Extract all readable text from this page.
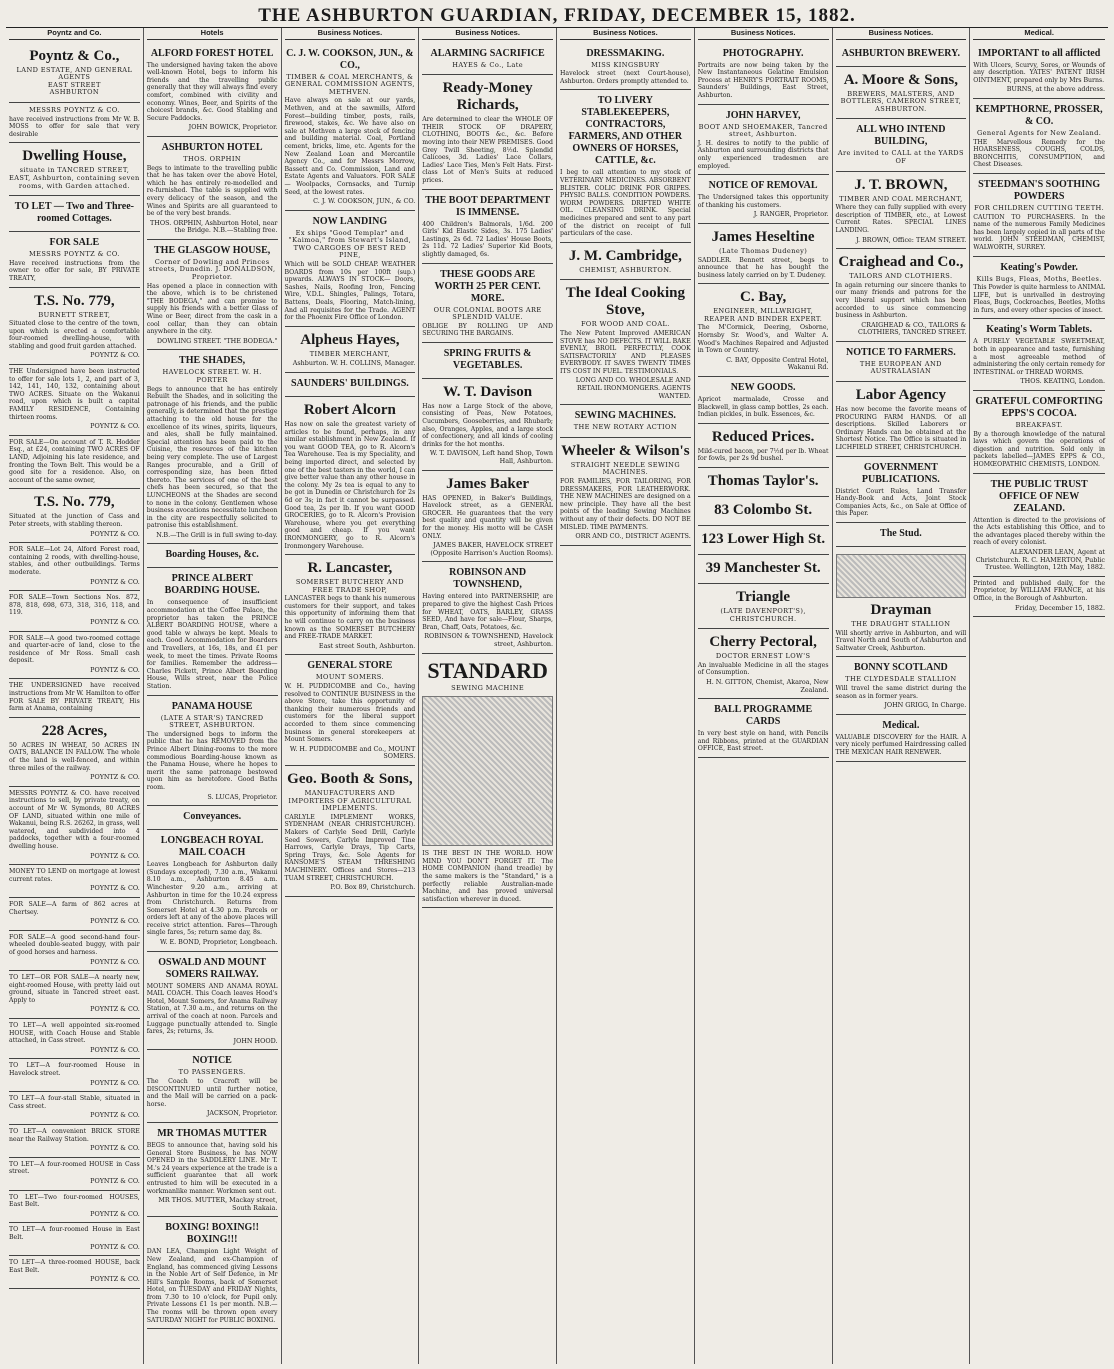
THE ASHBURTON GUARDIAN, FRIDAY, DECEMBER 15, 1882.
Poyntz and Co.
Poyntz & Co.,
LAND ESTATE, AND GENERAL AGENTS
EAST STREET
ASHBURTON
MESSRS POYNTZ & CO.
have received instructions from Mr W. B. MOSS to offer for sale that very desirable
Dwelling House,
situate in TANCRED STREET, EAST, Ashburton, containing seven rooms, with Garden attached.
TO LET — Two and Three-roomed Cottages.
FOR SALE
MESSRS POYNTZ & CO.
Have received instructions from the owner to offer for sale, BY PRIVATE TREATY,
T.S. No. 779,
BURNETT STREET,
Situated close to the centre of the town, upon which is erected a comfortable four-roomed dwelling-house, with stabling and good fruit garden attached.
POYNTZ & CO.
THE Undersigned have been instructed to offer for sale lots 1, 2, and part of 3, 142, 141, 140, 132, containing about TWO ACRES. Situate on the Wakanui road, upon which is built a capital FAMILY RESIDENCE, Containing thirteen rooms.
POYNTZ & CO.
FOR SALE—On account of T. R. Hodder Esq., at £24, containing TWO ACRES OF LAND, Adjoining his late residence, and fronting the Town Belt. This would be a good site for a residence. Also, on account of the same owner,
T.S. No. 779,
Situated at the junction of Cass and Peter streets, with stabling thereon.
POYNTZ & CO.
FOR SALE—Lot 24, Alford Forest road, containing 2 roods, with dwelling-house, stables, and other outbuildings. Terms moderate.
POYNTZ & CO.
FOR SALE—Town Sections Nos. 872, 878, 818, 698, 673, 318, 316, 118, and 119.
POYNTZ & CO.
FOR SALE—A good two-roomed cottage and quarter-acre of land, close to the residence of Mr Ross. Small cash deposit.
POYNTZ & CO.
THE UNDERSIGNED have received instructions from Mr W. Hamilton to offer FOR SALE BY PRIVATE TREATY, His farm at Anama, containing
228 Acres,
50 ACRES IN WHEAT, 50 ACRES IN OATS, BALANCE IN FALLOW. The whole of the land is well-fenced, and within three miles of the railway.
POYNTZ & CO.
MESSRS POYNTZ & CO. have received instructions to sell, by private treaty, on account of Mr W. Symonds, 80 ACRES OF LAND, situated within one mile of Wakanui, being R.S. 26262, in grass, well watered, and subdivided into 4 paddocks, together with a four-roomed dwelling house.
POYNTZ & CO.
MONEY TO LEND on mortgage at lowest current rates.
POYNTZ & CO.
FOR SALE—A farm of 862 acres at Chertsey.
POYNTZ & CO.
FOR SALE—A good second-hand four-wheeled double-seated buggy, with pair of good horses and harness.
POYNTZ & CO.
TO LET—OR FOR SALE—A nearly new, eight-roomed House, with pretty laid out ground, situate in Tancred street east. Apply to
POYNTZ & CO.
TO LET—A well appointed six-roomed HOUSE, with Coach House and Stable attached, in Cass street.
POYNTZ & CO.
TO LET—A four-roomed House in Havelock street.
POYNTZ & CO.
TO LET—A four-stall Stable, situated in Cass street.
POYNTZ & CO.
TO LET—A convenient BRICK STORE near the Railway Station.
POYNTZ & CO.
TO LET—A four-roomed HOUSE in Cass street.
POYNTZ & CO.
TO LET—Two four-roomed HOUSES, East Belt.
POYNTZ & CO.
TO LET—A four-roomed House in East Belt.
POYNTZ & CO.
TO LET—A three-roomed HOUSE, back East Belt.
POYNTZ & CO.
Hotels
ALFORD FOREST HOTEL
The undersigned having taken the above well-known Hotel, begs to inform his friends and the travelling public generally that they will always find every comfort, combined with civility and economy. Wines, Beer, and Spirits of the choicest brands, &c. Good Stabling and Secure Paddocks.
JOHN BOWICK, Proprietor.
ASHBURTON HOTEL
THOS. ORPHIN
Begs to intimate to the travelling public that he has taken over the above Hotel, which he has entirely re-modelled and re-furnished. The table is supplied with every delicacy of the season, and the Wines and Spirits are all guaranteed to be of the very best brands.
THOS. ORPHIN, Ashburton Hotel, near the Bridge. N.B.—Stabling free.
THE GLASGOW HOUSE,
Corner of Dowling and Princes streets, Dunedin. J. DONALDSON, Proprietor.
Has opened a place in connection with the above, which is to be christened "THE BODEGA," and can promise to supply his friends with a better Glass of Wine or Beer, direct from the cask in a cool cellar, than they can obtain anywhere in the city.
DOWLING STREET. "THE BODEGA."
THE SHADES,
HAVELOCK STREET. W. H. PORTER
Begs to announce that he has entirely Rebuilt the Shades, and in soliciting the patronage of his friends, and the public generally, is determined that the prestige attaching to the old house for the excellence of its wines, spirits, liqueurs, and ales, shall be fully maintained. Special attention has been paid to the Cuisine, the resources of the kitchen being very complete. The use of Largest Ranges procurable, and a Grill of corresponding size, has been fitted thereto. The services of one of the best chefs has been secured, so that the LUNCHEONS at the Shades are second to none in the colony. Gentlemen whose business avocations necessitate luncheon in the city are respectfully solicited to patronise this establishment.
N.B.—The Grill is in full swing to-day.
Boarding Houses, &c.
PRINCE ALBERT BOARDING HOUSE.
In consequence of insufficient accommodation at the Coffee Palace, the proprietor has taken the PRINCE ALBERT BOARDING HOUSE, where a good table w always be kept. Meals to each. Good Accommodation for Boarders and Travellers, at 16s, 18s, and £1 per week, to meet the times. Private Rooms for families. Remember the address—Charles Pickett, Prince Albert Boarding House, Wills street, near the Police Station.
PANAMA HOUSE
(LATE A STAR'S) TANCRED STREET, ASHBURTON.
The undersigned begs to inform the public that he has REMOVED from the Prince Albert Dining-rooms to the more commodious Boarding-house known as the Panama House, where he hopes to merit the same patronage bestowed upon him as heretofore. Good Baths room.
S. LUCAS, Proprietor.
Conveyances.
LONGBEACH ROYAL MAIL COACH
Leaves Longbeach for Ashburton daily (Sundays excepted), 7.30 a.m., Wakanui 8.10 a.m., Ashburton 8.45 a.m. Winchester 9.20 a.m., arriving at Ashburton in time for the 10.24 express from Christchurch. Returns from Somerset Hotel at 4.30 p.m. Parcels or orders left at any of the above places will receive strict attention. Fares—Through single fares, 5s; return same day, 8s.
W. E. BOND, Proprietor, Longbeach.
OSWALD AND MOUNT SOMERS RAILWAY.
MOUNT SOMERS AND ANAMA ROYAL MAIL COACH. This Coach leaves Hood's Hotel, Mount Somers, for Anama Railway Station, at 7.30 a.m., and returns on the arrival of the coach at noon. Parcels and Luggage punctually attended to. Single fares, 2s; returns, 3s.
JOHN HOOD.
NOTICE
TO PASSENGERS.
The Coach to Cracroft will be DISCONTINUED until further notice, and the Mail will be carried on a pack-horse.
JACKSON, Proprietor.
MR THOMAS MUTTER
BEGS to announce that, having sold his General Store Business, he has NOW OPENED in the SADDLERY LINE. Mr T. M.'s 24 years experience at the trade is a sufficient guarantee that all work entrusted to him will be executed in a workmanlike manner. Workmen sent out.
MR THOS. MUTTER, Mackay street, South Rakaia.
BOXING! BOXING!! BOXING!!!
DAN LEA, Champion Light Weight of New Zealand, and ex-Champion of England, has commenced giving Lessons in the Noble Art of Self Defence, in Mr Hill's Sample Rooms, back of Somerset Hotel, on TUESDAY and FRIDAY Nights, from 7.30 to 10 o'clock, for Pupil only. Private Lessons £1 1s per month. N.B.—The rooms will be thrown open every SATURDAY NIGHT for PUBLIC BOXING.
Business Notices.
C. J. W. COOKSON, JUN., & CO.,
TIMBER & COAL MERCHANTS, & GENERAL COMMISSION AGENTS, METHVEN.
Have always on sale at our yards, Methven, and at the sawmills, Alford Forest—building timber, posts, rails, firewood, stakes, &c. We have also on sale at Methven a large stock of fencing and building material. Coal, Portland cement, bricks, lime, etc. Agents for the New Zealand Loan and Mercantile Agency Co., and for Messrs Morrow, Bassett and Co. Commission, Land and Estate Agents and Valuators. FOR SALE — Woolpacks, Cornsacks, and Turnip Seed, at the lowest rates.
C. J. W. COOKSON, JUN., & CO.
NOW LANDING
Ex ships "Good Templar" and "Kaimoa," from Stewart's Island, TWO CARGOES OF BEST RED PINE,
Which will be SOLD CHEAP. WEATHER BOARDS from 10s per 100ft (sup.) upwards. ALWAYS IN STOCK— Doors, Sashes, Nails, Roofing Iron, Fencing Wire, V.D.L. Shingles, Palings, Totara, Battens, Deals, Flooring, Match-lining, And all requisites for the Trade. AGENT for the Phoenix Fire Office of London.
Alpheus Hayes,
TIMBER MERCHANT,
Ashburton. W. H. COLLINS, Manager.
SAUNDERS' BUILDINGS.
Robert Alcorn
Has now on sale the greatest variety of articles to be found, perhaps, in any similar establishment in New Zealand. If you want GOOD TEA, go to R. Alcorn's Tea Warehouse. Tea is my Speciality, and being imported direct, and selected by one of the best tasters in the world, I can give better value than any other house in the colony. My 2s tea is equal to any to be got in Dunedin or Christchurch for 2s 6d or 3s; in fact it cannot be surpassed. Good tea, 2s per lb. If you want GOOD GROCERIES, go to R. Alcorn's Provision Warehouse, where you get everything good and cheap. If you want IRONMONGERY, go to R. Alcorn's Ironmongery Warehouse.
R. Lancaster,
SOMERSET BUTCHERY AND FREE TRADE SHOP,
LANCASTER begs to thank his numerous customers for their support, and takes this opportunity of informing them that he will continue to carry on the business known as the SOMERSET BUTCHERY and FREE-TRADE MARKET.
East street South, Ashburton.
GENERAL STORE
MOUNT SOMERS.
W. H. PUDDICOMBE and Co., having resolved to CONTINUE BUSINESS in the above Store, take this opportunity of thanking their numerous friends and customers for the liberal support accorded to them since commencing business in general storekeepers at Mount Somers.
W. H. PUDDICOMBE and Co., MOUNT SOMERS.
Geo. Booth & Sons,
MANUFACTURERS AND IMPORTERS OF AGRICULTURAL IMPLEMENTS.
CARLYLE IMPLEMENT WORKS, SYDENHAM (NEAR CHRISTCHURCH). Makers of Carlyle Seed Drill, Carlyle Seed Sowers, Carlyle Improved Tine Harrows, Carlyle Drays, Tip Carts, Spring Trays, &c. Sole Agents for RANSOME'S STEAM THRESHING MACHINERY. Offices and Stores—213 TUAM STREET, CHRISTCHURCH.
P.O. Box 89, Christchurch.
Business Notices.
ALARMING SACRIFICE
HAYES & Co., Late
Ready-Money Richards,
Are determined to clear the WHOLE OF THEIR STOCK OF DRAPERY, CLOTHING, BOOTS &c., &c. Before moving into their NEW PREMISES. Good Grey Twill Sheeting, 8½d. Splendid Calicoes, 3d. Ladies' Lace Collars, Ladies' Lace Ties, Men's Felt Hats. First-class Lot of Men's Suits at reduced prices.
THE BOOT DEPARTMENT IS IMMENSE.
400 Children's Balmorals, 1/6d. 200 Girls' Kid Elastic Sides, 3s. 175 Ladies' Lastings, 2s 6d. 72 Ladies' House Boots, 2s 11d. 72 Ladies' Superior Kid Boots, slightly damaged, 6s.
THESE GOODS ARE WORTH 25 PER CENT. MORE.
OUR COLONIAL BOOTS ARE SPLENDID VALUE.
OBLIGE BY ROLLING UP AND SECURING THE BARGAINS.
SPRING FRUITS & VEGETABLES.
W. T. Davison
Has now a Large Stock of the above, consisting of Peas, New Potatoes, Cucumbers, Gooseberries, and Rhubarb; also, Oranges, Apples, and a large stock of confectionery, and all kinds of cooling drinks for the hot months.
W. T. DAVISON, Left hand Shop, Town Hall, Ashburton.
James Baker
HAS OPENED, in Baker's Buildings, Havelock street, as a GENERAL GROCER. He guarantees that the very best quality and quantity will be given for the money. His motto will be CASH ONLY.
JAMES BAKER, HAVELOCK STREET (Opposite Harrison's Auction Rooms).
ROBINSON AND TOWNSHEND,
Having entered into PARTNERSHIP, are prepared to give the highest Cash Prices for WHEAT, OATS, BARLEY, GRASS SEED, And have for sale—Flour, Sharps, Bran, Chaff, Oats, Potatoes, &c.
ROBINSON & TOWNSHEND, Havelock street, Ashburton.
STANDARD
SEWING MACHINE
IS THE BEST IN THE WORLD. HOW MIND YOU DON'T FORGET IT. The HOME COMPANION (hand treadle) by the same makers is the "Standard," is a perfectly reliable Australian-made Machine, and has proved universal satisfaction wherever in duced.
Business Notices.
DRESSMAKING.
MISS KINGSBURY
Havelock street (next Court-house), Ashburton. Orders promptly attended to.
TO LIVERY STABLEKEEPERS, CONTRACTORS, FARMERS, AND OTHER OWNERS OF HORSES, CATTLE, &c.
I beg to call attention to my stock of VETERINARY MEDICINES. ABSORBENT BLISTER. COLIC DRINK FOR GRIPES. PHYSIC BALLS. CONDITION POWDERS. WORM POWDERS. DRIFTED WHITE OIL. CLEANSING DRINK. Special medicines prepared and sent to any part of the district on receipt of full particulars of the case.
J. M. Cambridge,
CHEMIST, ASHBURTON.
The Ideal Cooking Stove,
FOR WOOD AND COAL.
The New Patent Improved AMERICAN STOVE has NO DEFECTS. IT WILL BAKE EVENLY, BROIL PERFECTLY, COOK SATISFACTORILY AND PLEASES EVERYBODY. IT SAVES TWENTY TIMES ITS COST IN FUEL. TESTIMONIALS.
LONG AND CO. WHOLESALE AND RETAIL IRONMONGERS. AGENTS WANTED.
SEWING MACHINES.
THE NEW ROTARY ACTION
Wheeler & Wilson's
STRAIGHT NEEDLE SEWING MACHINES.
FOR FAMILIES, FOR TAILORING, FOR DRESSMAKERS, FOR LEATHERWORK. THE NEW MACHINES are designed on a new principle. They have all the best points of the leading Sewing Machines without any of their defects. DO NOT BE MISLED. TIME PAYMENTS.
ORR AND CO., DISTRICT AGENTS.
Business Notices.
PHOTOGRAPHY.
Portraits are now being taken by the New Instantaneous Gelatine Emulsion Process at HENRY'S PORTRAIT ROOMS, Saunders' Buildings, East Street, Ashburton.
JOHN HARVEY,
BOOT AND SHOEMAKER, Tancred street, Ashburton.
J. H. desires to notify to the public of Ashburton and surrounding districts that only experienced tradesmen are employed.
NOTICE OF REMOVAL
The Undersigned takes this opportunity of thanking his customers.
J. RANGER, Proprietor.
James Heseltine
(Late Thomas Dudeney)
SADDLER. Bennett street, begs to announce that he has bought the business lately carried on by T. Dudeney.
C. Bay,
ENGINEER, MILLWRIGHT, REAPER AND BINDER EXPERT.
The M'Cormick, Deering, Osborne, Hornsby Sr. Wood's, and Walter A. Wood's Machines Repaired and Adjusted in Town or Country.
C. BAY, Opposite Central Hotel, Wakanui Rd.
NEW GOODS.
Apricot marmalade, Crosse and Blackwell, in glass camp bottles, 2s each. Indian pickles, in bulk. Essences, &c.
Reduced Prices.
Mild-cured bacon, per 7½d per lb. Wheat for fowls, per 2s 9d bushel.
Thomas Taylor's.
83 Colombo St.
123 Lower High St.
39 Manchester St.
Triangle
(LATE DAVENPORT'S), CHRISTCHURCH.
Cherry Pectoral,
DOCTOR ERNEST LOW'S
An invaluable Medicine in all the stages of Consumption.
H. N. GITTON, Chemist, Akaroa, New Zealand.
BALL PROGRAMME CARDS
In very best style on hand, with Pencils and Ribbons, printed at the GUARDIAN OFFICE, East street.
Business Notices.
ASHBURTON BREWERY.
A. Moore & Sons,
BREWERS, MALSTERS, AND BOTTLERS, CAMERON STREET, ASHBURTON.
ALL WHO INTEND BUILDING,
Are invited to CALL at the YARDS OF
J. T. BROWN,
TIMBER AND COAL MERCHANT,
Where they can fully supplied with every description of TIMBER, etc., at Lowest Current Rates. SPECIAL LINES LANDING.
J. BROWN, Office: TEAM STREET.
Craighead and Co.,
TAILORS AND CLOTHIERS.
In again returning our sincere thanks to our many friends and patrons for the very liberal support which has been accorded to us since commencing business in Ashburton.
CRAIGHEAD & CO., TAILORS & CLOTHIERS, TANCRED STREET.
NOTICE TO FARMERS.
THE EUROPEAN AND AUSTRALASIAN
Labor Agency
Has now become the favorite means of PROCURING FARM HANDS. Of all descriptions. Skilled Laborers or Ordinary Hands can be obtained at the Shortest Notice. The Office is situated in LICHFIELD STREET, CHRISTCHURCH.
GOVERNMENT PUBLICATIONS.
District Court Rules, Land Transfer Handy-Book and Acts, Joint Stock Companies Acts, &c., on Sale at Office of this Paper.
The Stud.
Drayman
THE DRAUGHT STALLION
Will shortly arrive in Ashburton, and will Travel North and South of Ashburton and Saltwater Creek, Ashburton.
BONNY SCOTLAND
THE CLYDESDALE STALLION
Will travel the same district during the season as in former years.
JOHN GRIGG, In Charge.
Medical.
VALUABLE DISCOVERY for the HAIR. A very nicely perfumed Hairdressing called THE MEXICAN HAIR RENEWER.
Medical.
IMPORTANT to all afflicted
With Ulcers, Scurvy, Sores, or Wounds of any description. YATES' PATENT IRISH OINTMENT, prepared only by Mrs Burns.
BURNS, at the above address.
KEMPTHORNE, PROSSER, & CO.
General Agents for New Zealand.
THE Marvellous Remedy for the HOARSENESS, COUGHS, COLDS, BRONCHITIS, CONSUMPTION, and Chest Diseases.
STEEDMAN'S SOOTHING POWDERS
FOR CHILDREN CUTTING TEETH.
CAUTION TO PURCHASERS. In the name of the numerous Family Medicines has been largely copied in all parts of the world. JOHN STEEDMAN, CHEMIST, WALWORTH, SURREY.
Keating's Powder.
Kills Bugs, Fleas, Moths, Beetles.
This Powder is quite harmless to ANIMAL LIFE, but is unrivalled in destroying Fleas, Bugs, Cockroaches, Beetles, Moths in furs, and every other species of insect.
Keating's Worm Tablets.
A PURELY VEGETABLE SWEETMEAT, both in appearance and taste, furnishing a most agreeable method of administering the only certain remedy for INTESTINAL or THREAD WORMS.
THOS. KEATING, London.
GRATEFUL COMFORTING EPPS'S COCOA.
BREAKFAST.
By a thorough knowledge of the natural laws which govern the operations of digestion and nutrition. Sold only in packets labelled—JAMES EPPS & CO., HOMŒOPATHIC CHEMISTS, LONDON.
THE PUBLIC TRUST OFFICE OF NEW ZEALAND.
Attention is directed to the provisions of the Acts establishing this Office, and to the advantages placed thereby within the reach of every colonist.
ALEXANDER LEAN, Agent at Christchurch. R. C. HAMERTON, Public Trustee. Wellington, 12th May, 1882.
Printed and published daily, for the Proprietor, by WILLIAM FRANCE, at his Office, in the Borough of Ashburton.
Friday, December 15, 1882.
